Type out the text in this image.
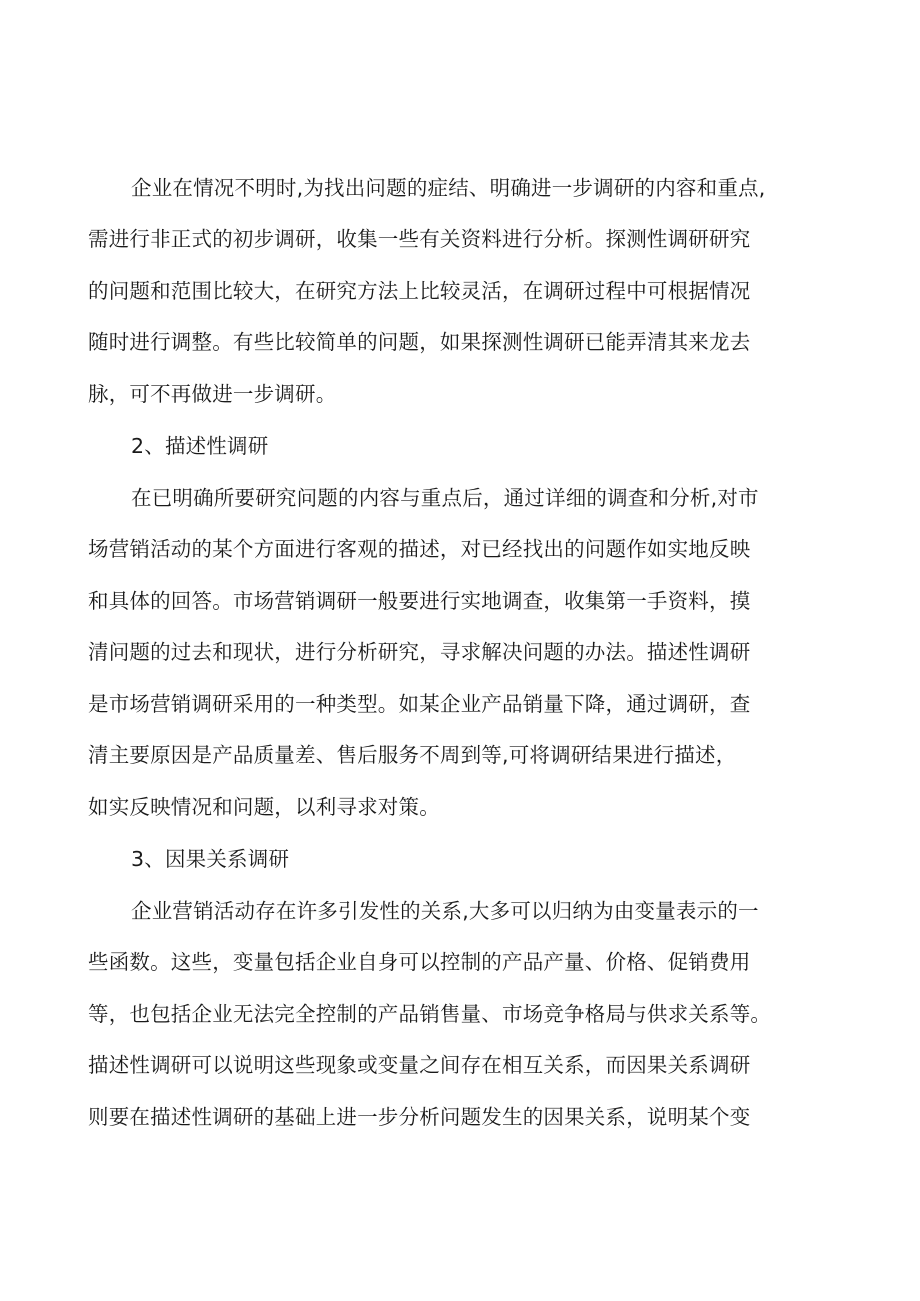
企业在情况不明时,为找出问题的症结、明确进一步调研的内容和重点,
需进行非正式的初步调研，收集一些有关资料进行分析。探测性调研研究
的问题和范围比较大，在研究方法上比较灵活，在调研过程中可根据情况
随时进行调整。有些比较简单的问题，如果探测性调研已能弄清其来龙去
脉，可不再做进一步调研。
2、描述性调研
在已明确所要研究问题的内容与重点后，通过详细的调查和分析,对市
场营销活动的某个方面进行客观的描述，对已经找出的问题作如实地反映
和具体的回答。市场营销调研一般要进行实地调查，收集第一手资料，摸
清问题的过去和现状，进行分析研究，寻求解决问题的办法。描述性调研
是市场营销调研采用的一种类型。如某企业产品销量下降，通过调研，查
清主要原因是产品质量差、售后服务不周到等,可将调研结果进行描述，
如实反映情况和问题，以利寻求对策。
3、因果关系调研
企业营销活动存在许多引发性的关系,大多可以归纳为由变量表示的一
些函数。这些，变量包括企业自身可以控制的产品产量、价格、促销费用
等，也包括企业无法完全控制的产品销售量、市场竞争格局与供求关系等。
描述性调研可以说明这些现象或变量之间存在相互关系，而因果关系调研
则要在描述性调研的基础上进一步分析问题发生的因果关系，说明某个变
